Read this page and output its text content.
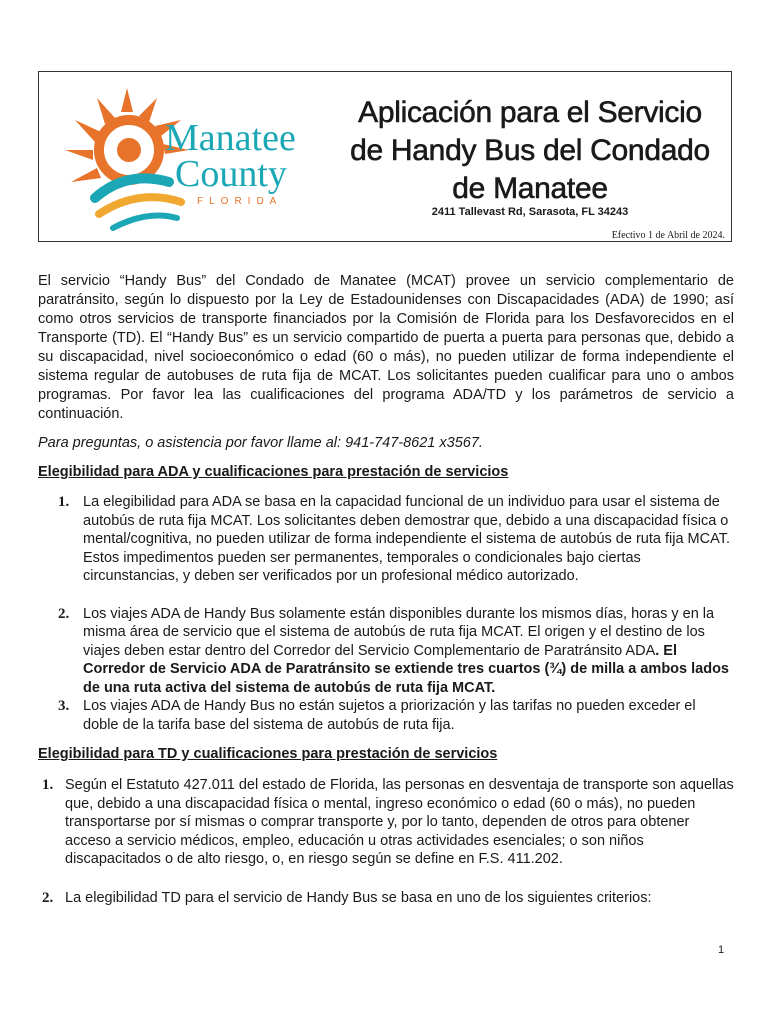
Manatee
County
FLORIDA
Aplicación para el Servicio de Handy Bus del Condado de Manatee
2411 Tallevast Rd, Sarasota, FL 34243
Efectivo 1 de Abril de 2024.

El servicio “Handy Bus” del Condado de Manatee (MCAT) provee un servicio complementario de paratránsito, según lo dispuesto por la Ley de Estadounidenses con Discapacidades (ADA) de 1990; así como otros servicios de transporte financiados por la Comisión de Florida para los Desfavorecidos en el Transporte (TD). El “Handy Bus” es un servicio compartido de puerta a puerta para personas que, debido a su discapacidad, nivel socioeconómico o edad (60 o más), no pueden utilizar de forma independiente el sistema regular de autobuses de ruta fija de MCAT. Los solicitantes pueden cualificar para uno o ambos programas. Por favor lea las cualificaciones del programa ADA/TD y los parámetros de servicio a continuación.

Para preguntas, o asistencia por favor llame al: 941-747-8621 x3567.

Elegibilidad para ADA y cualificaciones para prestación de servicios

1. La elegibilidad para ADA se basa en la capacidad funcional de un individuo para usar el sistema de autobús de ruta fija MCAT. Los solicitantes deben demostrar que, debido a una discapacidad física o mental/cognitiva, no pueden utilizar de forma independiente el sistema de autobús de ruta fija MCAT. Estos impedimentos pueden ser permanentes, temporales o condicionales bajo ciertas circunstancias, y deben ser verificados por un profesional médico autorizado.
2. Los viajes ADA de Handy Bus solamente están disponibles durante los mismos días, horas y en la misma área de servicio que el sistema de autobús de ruta fija MCAT. El origen y el destino de los viajes deben estar dentro del Corredor del Servicio Complementario de Paratránsito ADA. El Corredor de Servicio ADA de Paratránsito se extiende tres cuartos (¾) de milla a ambos lados de una ruta activa del sistema de autobús de ruta fija MCAT.
3. Los viajes ADA de Handy Bus no están sujetos a priorización y las tarifas no pueden exceder el doble de la tarifa base del sistema de autobús de ruta fija.

Elegibilidad para TD y cualificaciones para prestación de servicios

1. Según el Estatuto 427.011 del estado de Florida, las personas en desventaja de transporte son aquellas que, debido a una discapacidad física o mental, ingreso económico o edad (60 o más), no pueden transportarse por sí mismas o comprar transporte y, por lo tanto, dependen de otros para obtener acceso a servicio médicos, empleo, educación u otras actividades esenciales; o son niños discapacitados o de alto riesgo, o, en riesgo según se define en F.S. 411.202.
2. La elegibilidad TD para el servicio de Handy Bus se basa en uno de los siguientes criterios:
1
